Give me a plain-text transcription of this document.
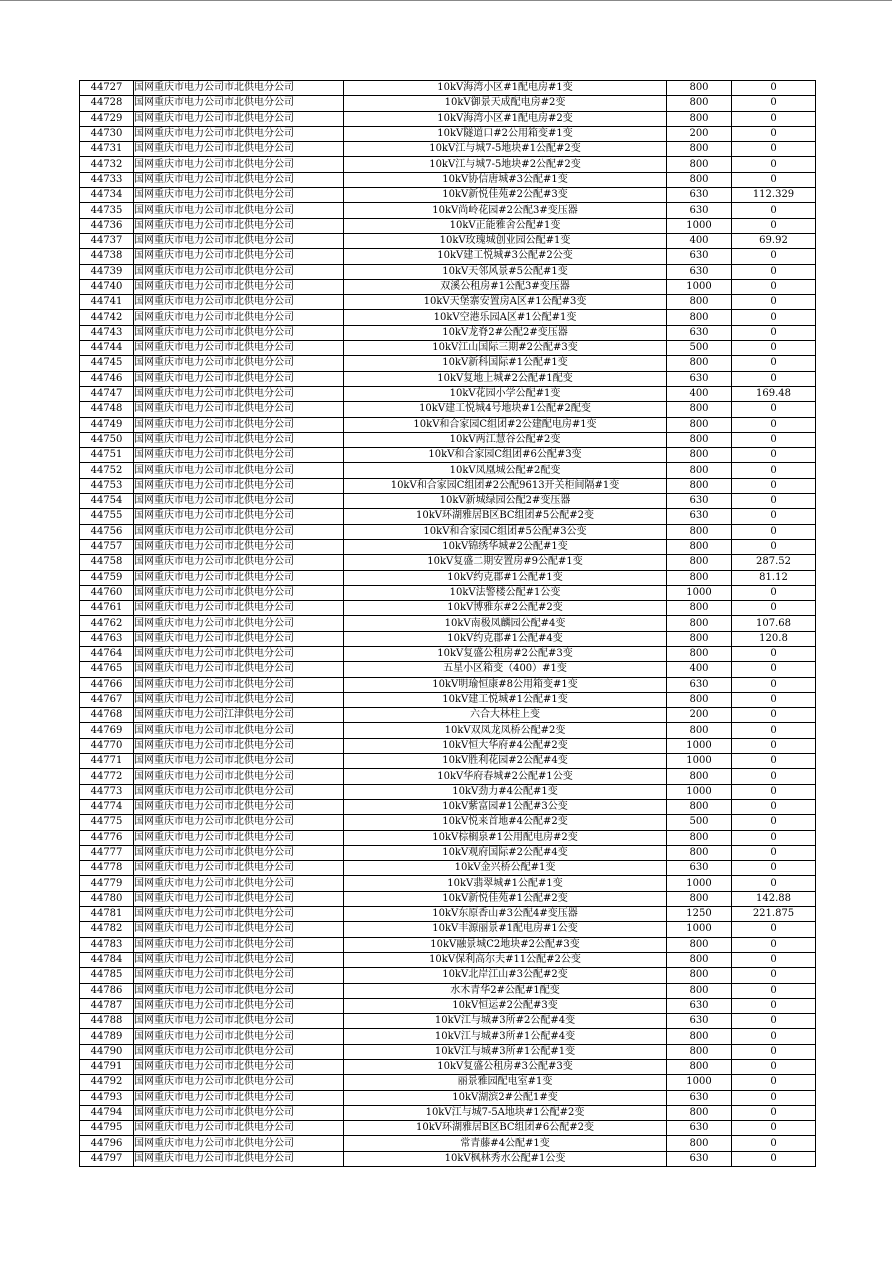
44727	国网重庆市电力公司市北供电分公司	10kV海湾小区#1配电房#1变	800	0
44728	国网重庆市电力公司市北供电分公司	10kV御景天成配电房#2变	800	0
44729	国网重庆市电力公司市北供电分公司	10kV海湾小区#1配电房#2变	800	0
44730	国网重庆市电力公司市北供电分公司	10kV隧道口#2公用箱变#1变	200	0
44731	国网重庆市电力公司市北供电分公司	10kV江与城7-5地块#1公配#2变	800	0
44732	国网重庆市电力公司市北供电分公司	10kV江与城7-5地块#2公配#2变	800	0
44733	国网重庆市电力公司市北供电分公司	10kV协信唐城#3公配#1变	800	0
44734	国网重庆市电力公司市北供电分公司	10kV新悦佳苑#2公配#3变	630	112.329
44735	国网重庆市电力公司市北供电分公司	10kV尚岭花园#2公配3#变压器	630	0
44736	国网重庆市电力公司市北供电分公司	10kV正能雅舍公配#1变	1000	0
44737	国网重庆市电力公司市北供电分公司	10kV玫瑰城创业园公配#1变	400	69.92
44738	国网重庆市电力公司市北供电分公司	10kV建工悦城#3公配#2公变	630	0
44739	国网重庆市电力公司市北供电分公司	10kV天邻风景#5公配#1变	630	0
44740	国网重庆市电力公司市北供电分公司	双溪公租房#1公配3#变压器	1000	0
44741	国网重庆市电力公司市北供电分公司	10kV天堡寨安置房A区#1公配#3变	800	0
44742	国网重庆市电力公司市北供电分公司	10kV空港乐园A区#1公配#1变	800	0
44743	国网重庆市电力公司市北供电分公司	10kV龙脊2#公配2#变压器	630	0
44744	国网重庆市电力公司市北供电分公司	10kV江山国际三期#2公配#3变	500	0
44745	国网重庆市电力公司市北供电分公司	10kV新科国际#1公配#1变	800	0
44746	国网重庆市电力公司市北供电分公司	10kV复地上城#2公配#1配变	630	0
44747	国网重庆市电力公司市北供电分公司	10kV花园小学公配#1变	400	169.48
44748	国网重庆市电力公司市北供电分公司	10kV建工悦城4号地块#1公配#2配变	800	0
44749	国网重庆市电力公司市北供电分公司	10kV和合家园C组团#2公建配电房#1变	800	0
44750	国网重庆市电力公司市北供电分公司	10kV两江慧谷公配#2变	800	0
44751	国网重庆市电力公司市北供电分公司	10kV和合家园C组团#6公配#3变	800	0
44752	国网重庆市电力公司市北供电分公司	10kV凤凰城公配#2配变	800	0
44753	国网重庆市电力公司市北供电分公司	10kV和合家园C组团#2公配9613开关柜间隔#1变	800	0
44754	国网重庆市电力公司市北供电分公司	10kV新城绿园公配2#变压器	630	0
44755	国网重庆市电力公司市北供电分公司	10kV环湖雅居B区BC组团#5公配#2变	630	0
44756	国网重庆市电力公司市北供电分公司	10kV和合家园C组团#5公配#3公变	800	0
44757	国网重庆市电力公司市北供电分公司	10kV锦绣华城#2公配#1变	800	0
44758	国网重庆市电力公司市北供电分公司	10kV复盛二期安置房#9公配#1变	800	287.52
44759	国网重庆市电力公司市北供电分公司	10kV约克郡#1公配#1变	800	81.12
44760	国网重庆市电力公司市北供电分公司	10kV法警楼公配#1公变	1000	0
44761	国网重庆市电力公司市北供电分公司	10kV博雅东#2公配#2变	800	0
44762	国网重庆市电力公司市北供电分公司	10kV南极凤麟园公配#4变	800	107.68
44763	国网重庆市电力公司市北供电分公司	10kV约克郡#1公配#4变	800	120.8
44764	国网重庆市电力公司市北供电分公司	10kV复盛公租房#2公配#3变	800	0
44765	国网重庆市电力公司市北供电分公司	五星小区箱变（400）#1变	400	0
44766	国网重庆市电力公司市北供电分公司	10kV明瑜恒康#8公用箱变#1变	630	0
44767	国网重庆市电力公司市北供电分公司	10kV建工悦城#1公配#1变	800	0
44768	国网重庆市电力公司江津供电分公司	六合大林柱上变	200	0
44769	国网重庆市电力公司市北供电分公司	10kV双凤龙凤桥公配#2变	800	0
44770	国网重庆市电力公司市北供电分公司	10kV恒大华府#4公配#2变	1000	0
44771	国网重庆市电力公司市北供电分公司	10kV胜利花园#2公配#4变	1000	0
44772	国网重庆市电力公司市北供电分公司	10kV华府春城#2公配#1公变	800	0
44773	国网重庆市电力公司市北供电分公司	10kV劲力#4公配#1变	1000	0
44774	国网重庆市电力公司市北供电分公司	10kV紫富园#1公配#3公变	800	0
44775	国网重庆市电力公司市北供电分公司	10kV悦来首地#4公配#2变	500	0
44776	国网重庆市电力公司市北供电分公司	10kV棕榈泉#1公用配电房#2变	800	0
44777	国网重庆市电力公司市北供电分公司	10kV观府国际#2公配#4变	800	0
44778	国网重庆市电力公司市北供电分公司	10kV金兴桥公配#1变	630	0
44779	国网重庆市电力公司市北供电分公司	10kV翡翠城#1公配#1变	1000	0
44780	国网重庆市电力公司市北供电分公司	10kV新悦佳苑#1公配#2变	800	142.88
44781	国网重庆市电力公司市北供电分公司	10kV东原香山#3公配4#变压器	1250	221.875
44782	国网重庆市电力公司市北供电分公司	10kV丰源丽景#1配电房#1公变	1000	0
44783	国网重庆市电力公司市北供电分公司	10kV融景城C2地块#2公配#3变	800	0
44784	国网重庆市电力公司市北供电分公司	10kV保利高尔夫#11公配#2公变	800	0
44785	国网重庆市电力公司市北供电分公司	10kV北岸江山#3公配#2变	800	0
44786	国网重庆市电力公司市北供电分公司	水木青华2#公配#1配变	800	0
44787	国网重庆市电力公司市北供电分公司	10kV恒运#2公配#3变	630	0
44788	国网重庆市电力公司市北供电分公司	10kV江与城#3所#2公配#4变	630	0
44789	国网重庆市电力公司市北供电分公司	10kV江与城#3所#1公配#4变	800	0
44790	国网重庆市电力公司市北供电分公司	10kV江与城#3所#1公配#1变	800	0
44791	国网重庆市电力公司市北供电分公司	10kV复盛公租房#3公配#3变	800	0
44792	国网重庆市电力公司市北供电分公司	丽景雅园配电室#1变	1000	0
44793	国网重庆市电力公司市北供电分公司	10kV湖滨2#公配1#变	630	0
44794	国网重庆市电力公司市北供电分公司	10kV江与城7-5A地块#1公配#2变	800	0
44795	国网重庆市电力公司市北供电分公司	10kV环湖雅居B区BC组团#6公配#2变	630	0
44796	国网重庆市电力公司市北供电分公司	常青藤#4公配#1变	800	0
44797	国网重庆市电力公司市北供电分公司	10kV枫林秀水公配#1公变	630	0
